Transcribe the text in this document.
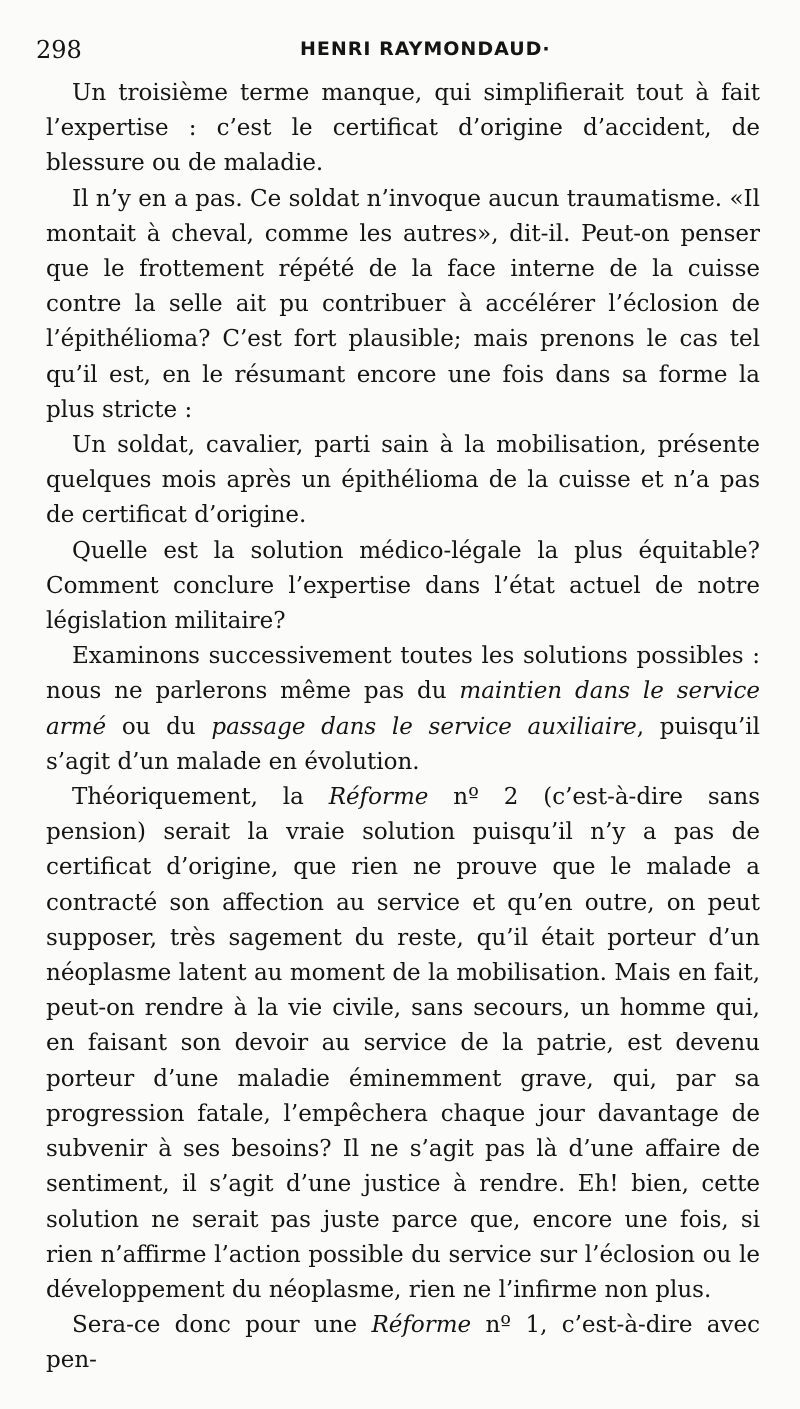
298	HENRI RAYMONDAUD·

Un troisième terme manque, qui simplifierait tout à fait l’expertise : c’est le certificat d’origine d’accident, de blessure ou de maladie.

Il n’y en a pas. Ce soldat n’invoque aucun traumatisme. «Il montait à cheval, comme les autres», dit-il. Peut-on penser que le frottement répété de la face interne de la cuisse contre la selle ait pu contribuer à accélérer l’éclosion de l’épithélioma? C’est fort plausible; mais prenons le cas tel qu’il est, en le résumant encore une fois dans sa forme la plus stricte :

Un soldat, cavalier, parti sain à la mobilisation, présente quelques mois après un épithélioma de la cuisse et n’a pas de certificat d’origine.

Quelle est la solution médico-légale la plus équitable? Comment conclure l’expertise dans l’état actuel de notre législation militaire?

Examinons successivement toutes les solutions possibles : nous ne parlerons même pas du maintien dans le service armé ou du passage dans le service auxiliaire, puisqu’il s’agit d’un malade en évolution.

Théoriquement, la Réforme nº 2 (c’est-à-dire sans pension) serait la vraie solution puisqu’il n’y a pas de certificat d’origine, que rien ne prouve que le malade a contracté son affection au service et qu’en outre, on peut supposer, très sagement du reste, qu’il était porteur d’un néoplasme latent au moment de la mobilisation. Mais en fait, peut-on rendre à la vie civile, sans secours, un homme qui, en faisant son devoir au service de la patrie, est devenu porteur d’une maladie éminemment grave, qui, par sa progression fatale, l’empêchera chaque jour davantage de subvenir à ses besoins? Il ne s’agit pas là d’une affaire de sentiment, il s’agit d’une justice à rendre. Eh! bien, cette solution ne serait pas juste parce que, encore une fois, si rien n’affirme l’action possible du service sur l’éclosion ou le développement du néoplasme, rien ne l’infirme non plus.

Sera-ce donc pour une Réforme nº 1, c’est-à-dire avec pen-
